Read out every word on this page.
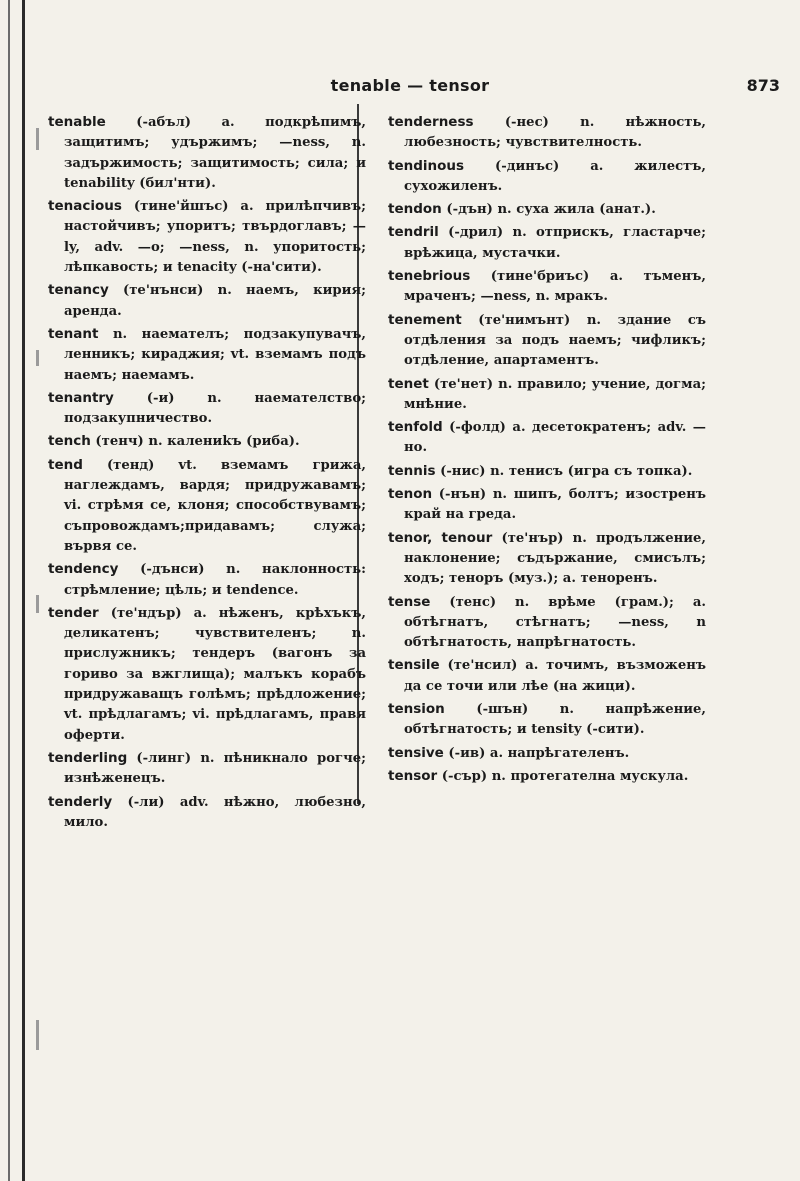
tenable — tensor	873
tenable (-абъл) a. подкрѣпимъ, защитимъ; удържимъ; —ness, n. задържимость; защитимость; сила; и tenability (бил'нти).
tenacious (тине'йшъс) a. прилѣпчивъ; настойчивъ; упоритъ; твърдоглавъ; —ly, adv. —о; —ness, n. упоритость; лѣпкавость; и tenacity (-на'сити).
tenancy (те'нънси) n. наемъ, кирия; аренда.
tenant n. наемателъ; подзакупувачъ, ленникъ; кираджия; vt. вземамъ подъ наемъ; наемамъ.
tenantry (-и) n. наемателство; подзакупничество.
tench (тенч) n. калениkъ (риба).
tend (тенд) vt. вземамъ грижа, наглеждамъ, вардя; придружавамъ; vi. стрѣмя се, клоня; способствувамъ; съпровождамъ;придавамъ; служа; вървя се.
tendency (-дънси) n. наклонность: стрѣмление; цѣль; и tendence.
tender (те'ндър) a. нѣженъ, крѣхъкъ, деликатенъ; чувствителенъ; n. прислужникъ; тендеръ (вагонъ за гориво за вжглища); малъкъ корабъ придружаващъ голѣмъ; прѣдложение; vt. прѣдлагамъ; vi. прѣдлагамъ, правя оферти.
tenderling (-линг) n. пѣникнало рогче; изнѣженецъ.
tenderly (-ли) adv. нѣжно, любезно, мило.
tenderness (-нес) n. нѣжность, любезность; чувствителность.
tendinous (-динъс) a. жилестъ, сухожиленъ.
tendon (-дън) n. суха жила (анат.).
tendril (-дрил) n. отприскъ, гластарче; врѣжица, мустачки.
tenebrious (тине'бриъс) a. тъменъ, мраченъ; —ness, n. мракъ.
tenement (те'нимънт) n. здание съ отдѣления за подъ наемъ; чифликъ; отдѣление, апартаментъ.
tenet (те'нет) n. правило; учение, догма; мнѣние.
tenfold (-фолд) a. десетократенъ; adv. —но.
tennis (-нис) n. тенисъ (игра съ топка).
tenon (-нън) n. шипъ, болтъ; изостренъ край на греда.
tenor, tenour (те'нър) n. продължение, наклонение; съдържание, смисълъ; ходъ; теноръ (муз.); a. теноренъ.
tense (тенс) n. врѣме (грам.); a. обтѣгнатъ, стѣгнатъ; —ness, n обтѣгнатость, напрѣгнатость.
tensile (те'нсил) a. точимъ, възможенъ да се точи или лѣе (на жици).
tension (-шън) n. напрѣжение, обтѣгнатость; и tensity (-сити).
tensive (-ив) a. напрѣгателенъ.
tensor (-сър) n. протегателна мускула.
